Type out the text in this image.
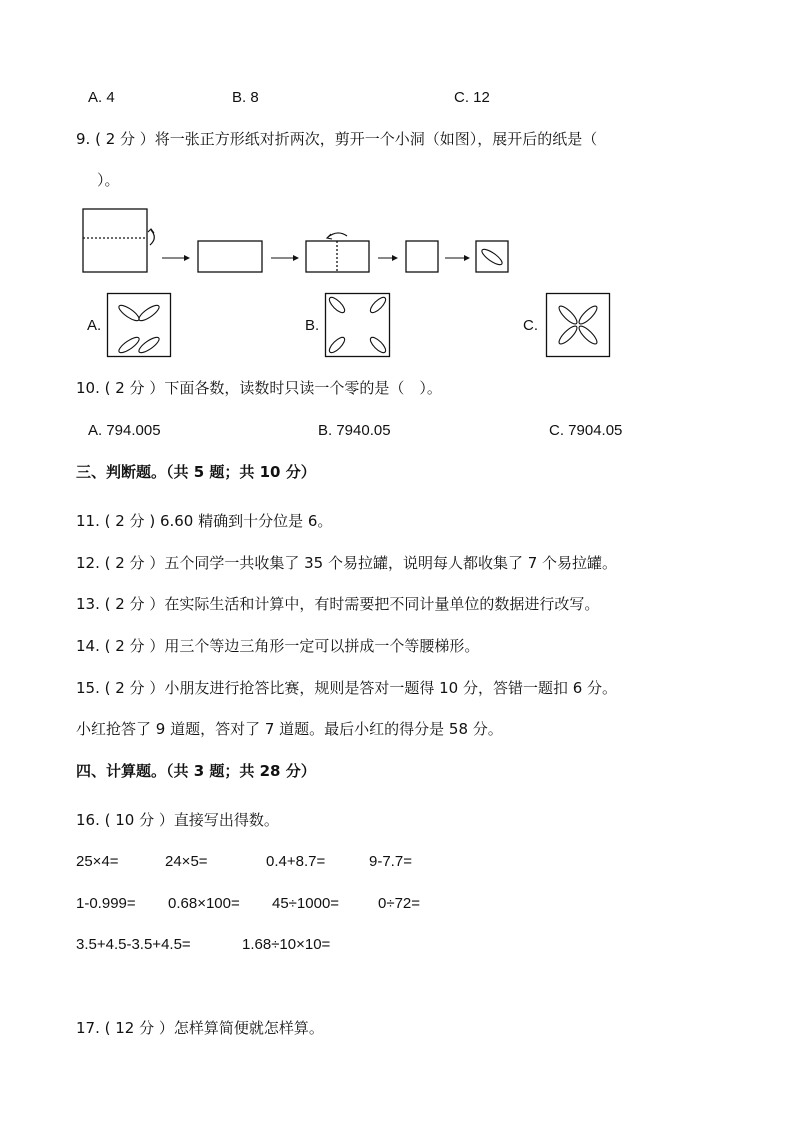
A. 4	B. 8	C. 12
9. ( 2 分 ）将一张正方形纸对折两次，剪开一个小洞（如图），展开后的纸是（
）。
A.	B.	C.
10. ( 2 分 ）下面各数，读数时只读一个零的是（　）。
A. 794.005	B. 7940.05	C. 7904.05
三、判断题。（共 5 题；共 10 分）
11. ( 2 分 ) 6.60 精确到十分位是 6。
12. ( 2 分 ）五个同学一共收集了 35 个易拉罐，说明每人都收集了 7 个易拉罐。
13. ( 2 分 ）在实际生活和计算中，有时需要把不同计量单位的数据进行改写。
14. ( 2 分 ）用三个等边三角形一定可以拼成一个等腰梯形。
15. ( 2 分 ）小朋友进行抢答比赛，规则是答对一题得 10 分，答错一题扣 6 分。
小红抢答了 9 道题，答对了 7 道题。最后小红的得分是 58 分。
四、计算题。（共 3 题；共 28 分）
16. ( 10 分 ）直接写出得数。
25×4=	24×5=	0.4+8.7=	9-7.7=
1-0.999= 0.68×100= 45÷1000=	0÷72=
3.5+4.5-3.5+4.5=	1.68÷10×10=
17. ( 12 分 ）怎样算简便就怎样算。
